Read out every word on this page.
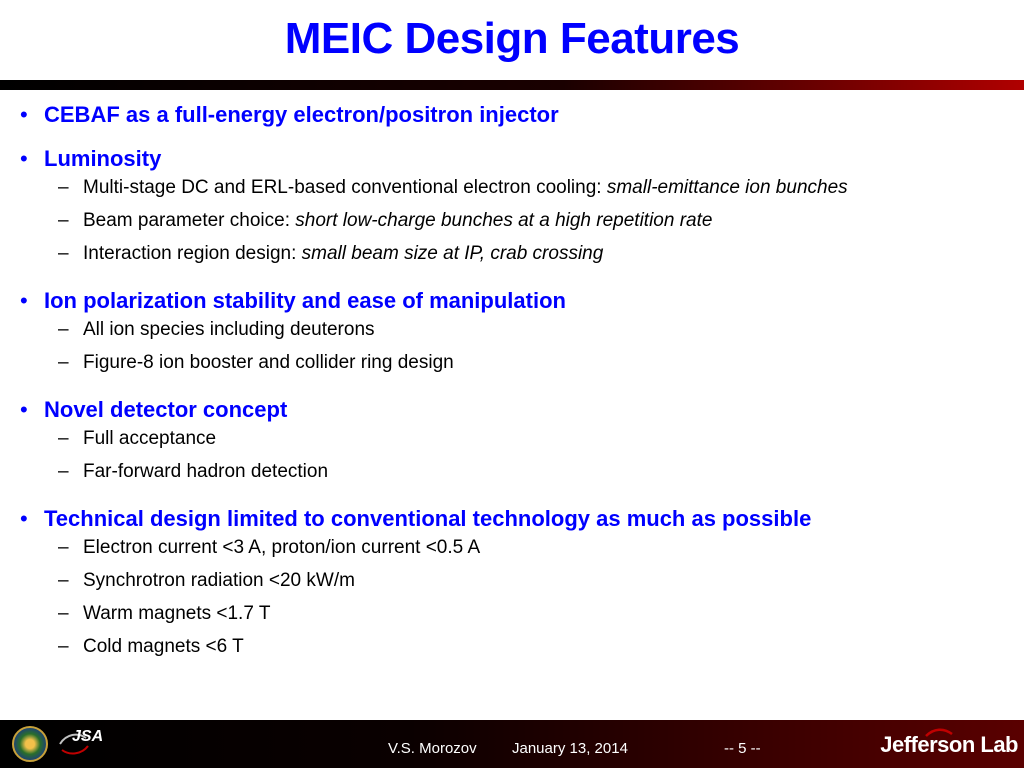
MEIC Design Features
• CEBAF as a full-energy electron/positron injector
• Luminosity
– Multi-stage DC and ERL-based conventional electron cooling: small-emittance ion bunches
– Beam parameter choice: short low-charge bunches at a high repetition rate
– Interaction region design: small beam size at IP, crab crossing
• Ion polarization stability and ease of manipulation
– All ion species including deuterons
– Figure-8 ion booster and collider ring design
• Novel detector concept
– Full acceptance
– Far-forward hadron detection
• Technical design limited to conventional technology as much as possible
– Electron current <3 A, proton/ion current <0.5 A
– Synchrotron radiation <20 kW/m
– Warm magnets <1.7 T
– Cold magnets <6 T
JSA
V.S. Morozov January 13, 2014	-- 5 --	Jefferson Lab
